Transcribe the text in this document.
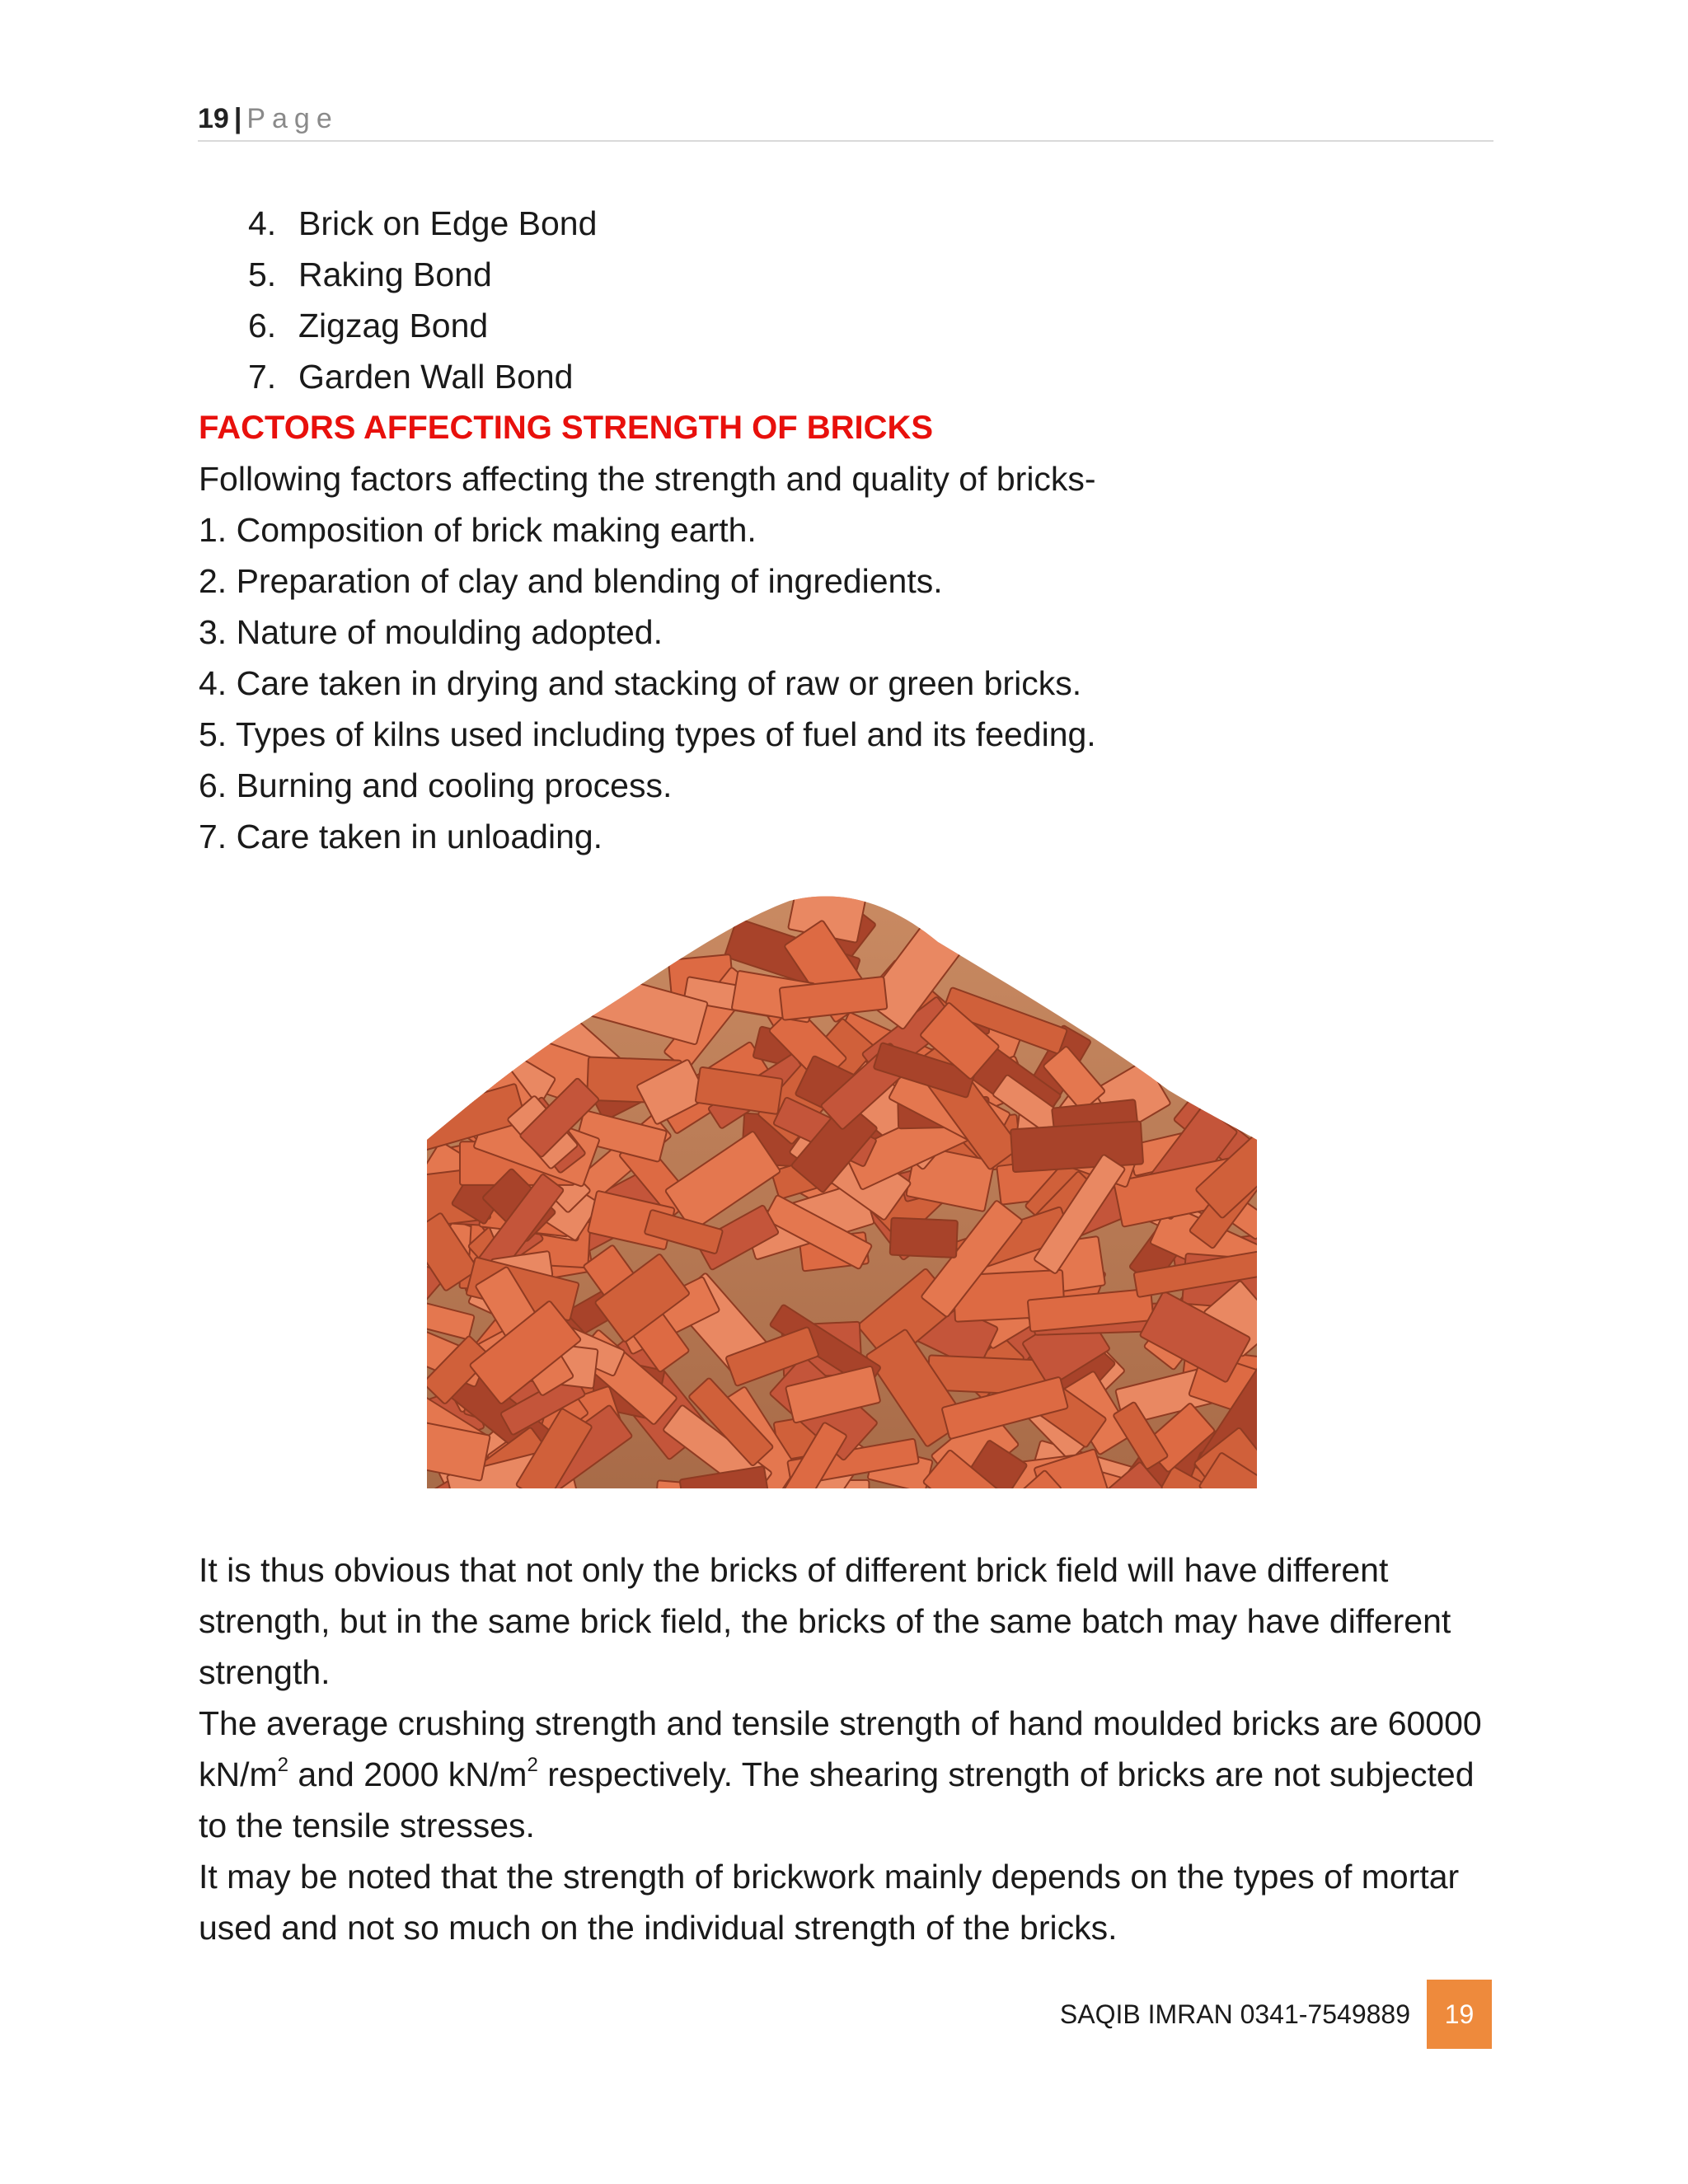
19 | Page
4. Brick on Edge Bond
5. Raking Bond
6. Zigzag Bond
7. Garden Wall Bond
FACTORS AFFECTING STRENGTH OF BRICKS

Following factors affecting the strength and quality of bricks-

1. Composition of brick making earth.
2. Preparation of clay and blending of ingredients.
3. Nature of moulding adopted.
4. Care taken in drying and stacking of raw or green bricks.
5. Types of kilns used including types of fuel and its feeding.
6. Burning and cooling process.
7. Care taken in unloading.

It is thus obvious that not only the bricks of different brick field will have different strength, but in the same brick field, the bricks of the same batch may have different strength.

The average crushing strength and tensile strength of hand moulded bricks are 60000 $kN/m^2$ and 2000 $kN/m^2$ respectively. The shearing strength of bricks are not subjected to the tensile stresses.

It may be noted that the strength of brickwork mainly depends on the types of mortar used and not so much on the individual strength of the bricks.

SAQIB IMRAN 0341-7549889	19
